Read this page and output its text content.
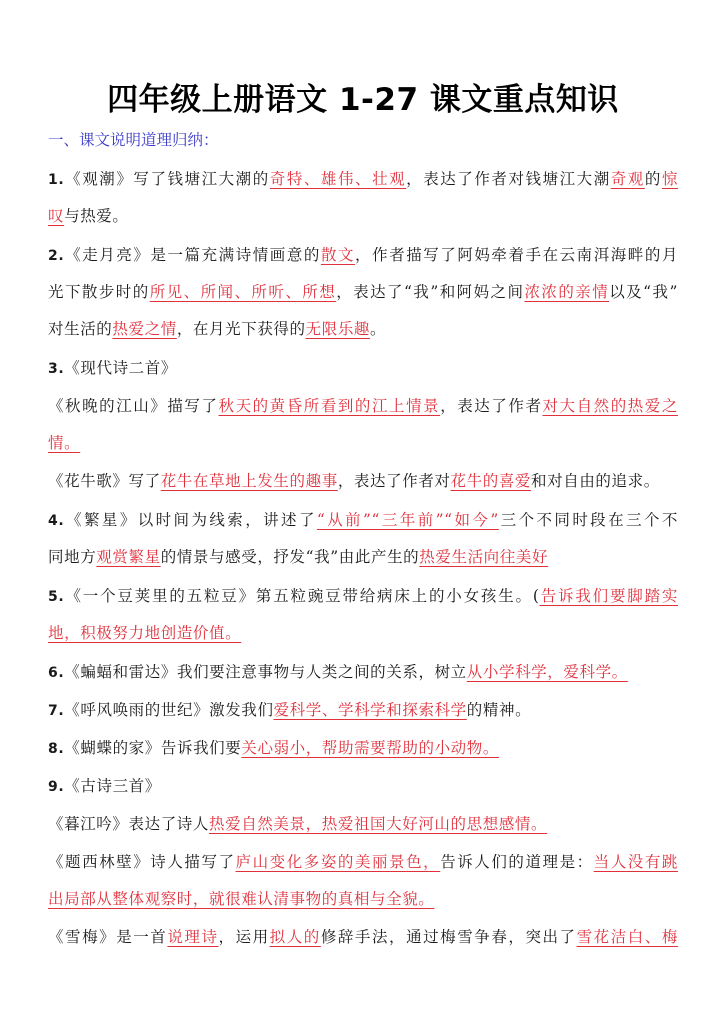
四年级上册语文 1-27 课文重点知识
一、课文说明道理归纳：
1.《观潮》写了钱塘江大潮的奇特、雄伟、壮观，表达了作者对钱塘江大潮奇观的惊
叹与热爱。
2.《走月亮》是一篇充满诗情画意的散文，作者描写了阿妈牵着手在云南洱海畔的月
光下散步时的所见、所闻、所听、所想，表达了“我”和阿妈之间浓浓的亲情以及“我”
对生活的热爱之情，在月光下获得的无限乐趣。
3.《现代诗二首》
《秋晚的江山》描写了秋天的黄昏所看到的江上情景，表达了作者对大自然的热爱之
情。
《花牛歌》写了花牛在草地上发生的趣事，表达了作者对花牛的喜爱和对自由的追求。
4.《繁星》以时间为线索，讲述了“从前”“三年前”“如今”三个不同时段在三个不
同地方观赏繁星的情景与感受，抒发“我”由此产生的热爱生活向往美好
5.《一个豆荚里的五粒豆》第五粒豌豆带给病床上的小女孩生。(告诉我们要脚踏实
地，积极努力地创造价值。
6.《蝙蝠和雷达》我们要注意事物与人类之间的关系，树立从小学科学，爱科学。
7.《呼风唤雨的世纪》激发我们爱科学、学科学和探索科学的精神。
8.《蝴蝶的家》告诉我们要关心弱小，帮助需要帮助的小动物。
9.《古诗三首》
《暮江吟》表达了诗人热爱自然美景，热爱祖国大好河山的思想感情。
《题西林壁》诗人描写了庐山变化多姿的美丽景色，告诉人们的道理是：当人没有跳
出局部从整体观察时，就很难认清事物的真相与全貌。
《雪梅》是一首说理诗，运用拟人的修辞手法，通过梅雪争春，突出了雪花洁白、梅
